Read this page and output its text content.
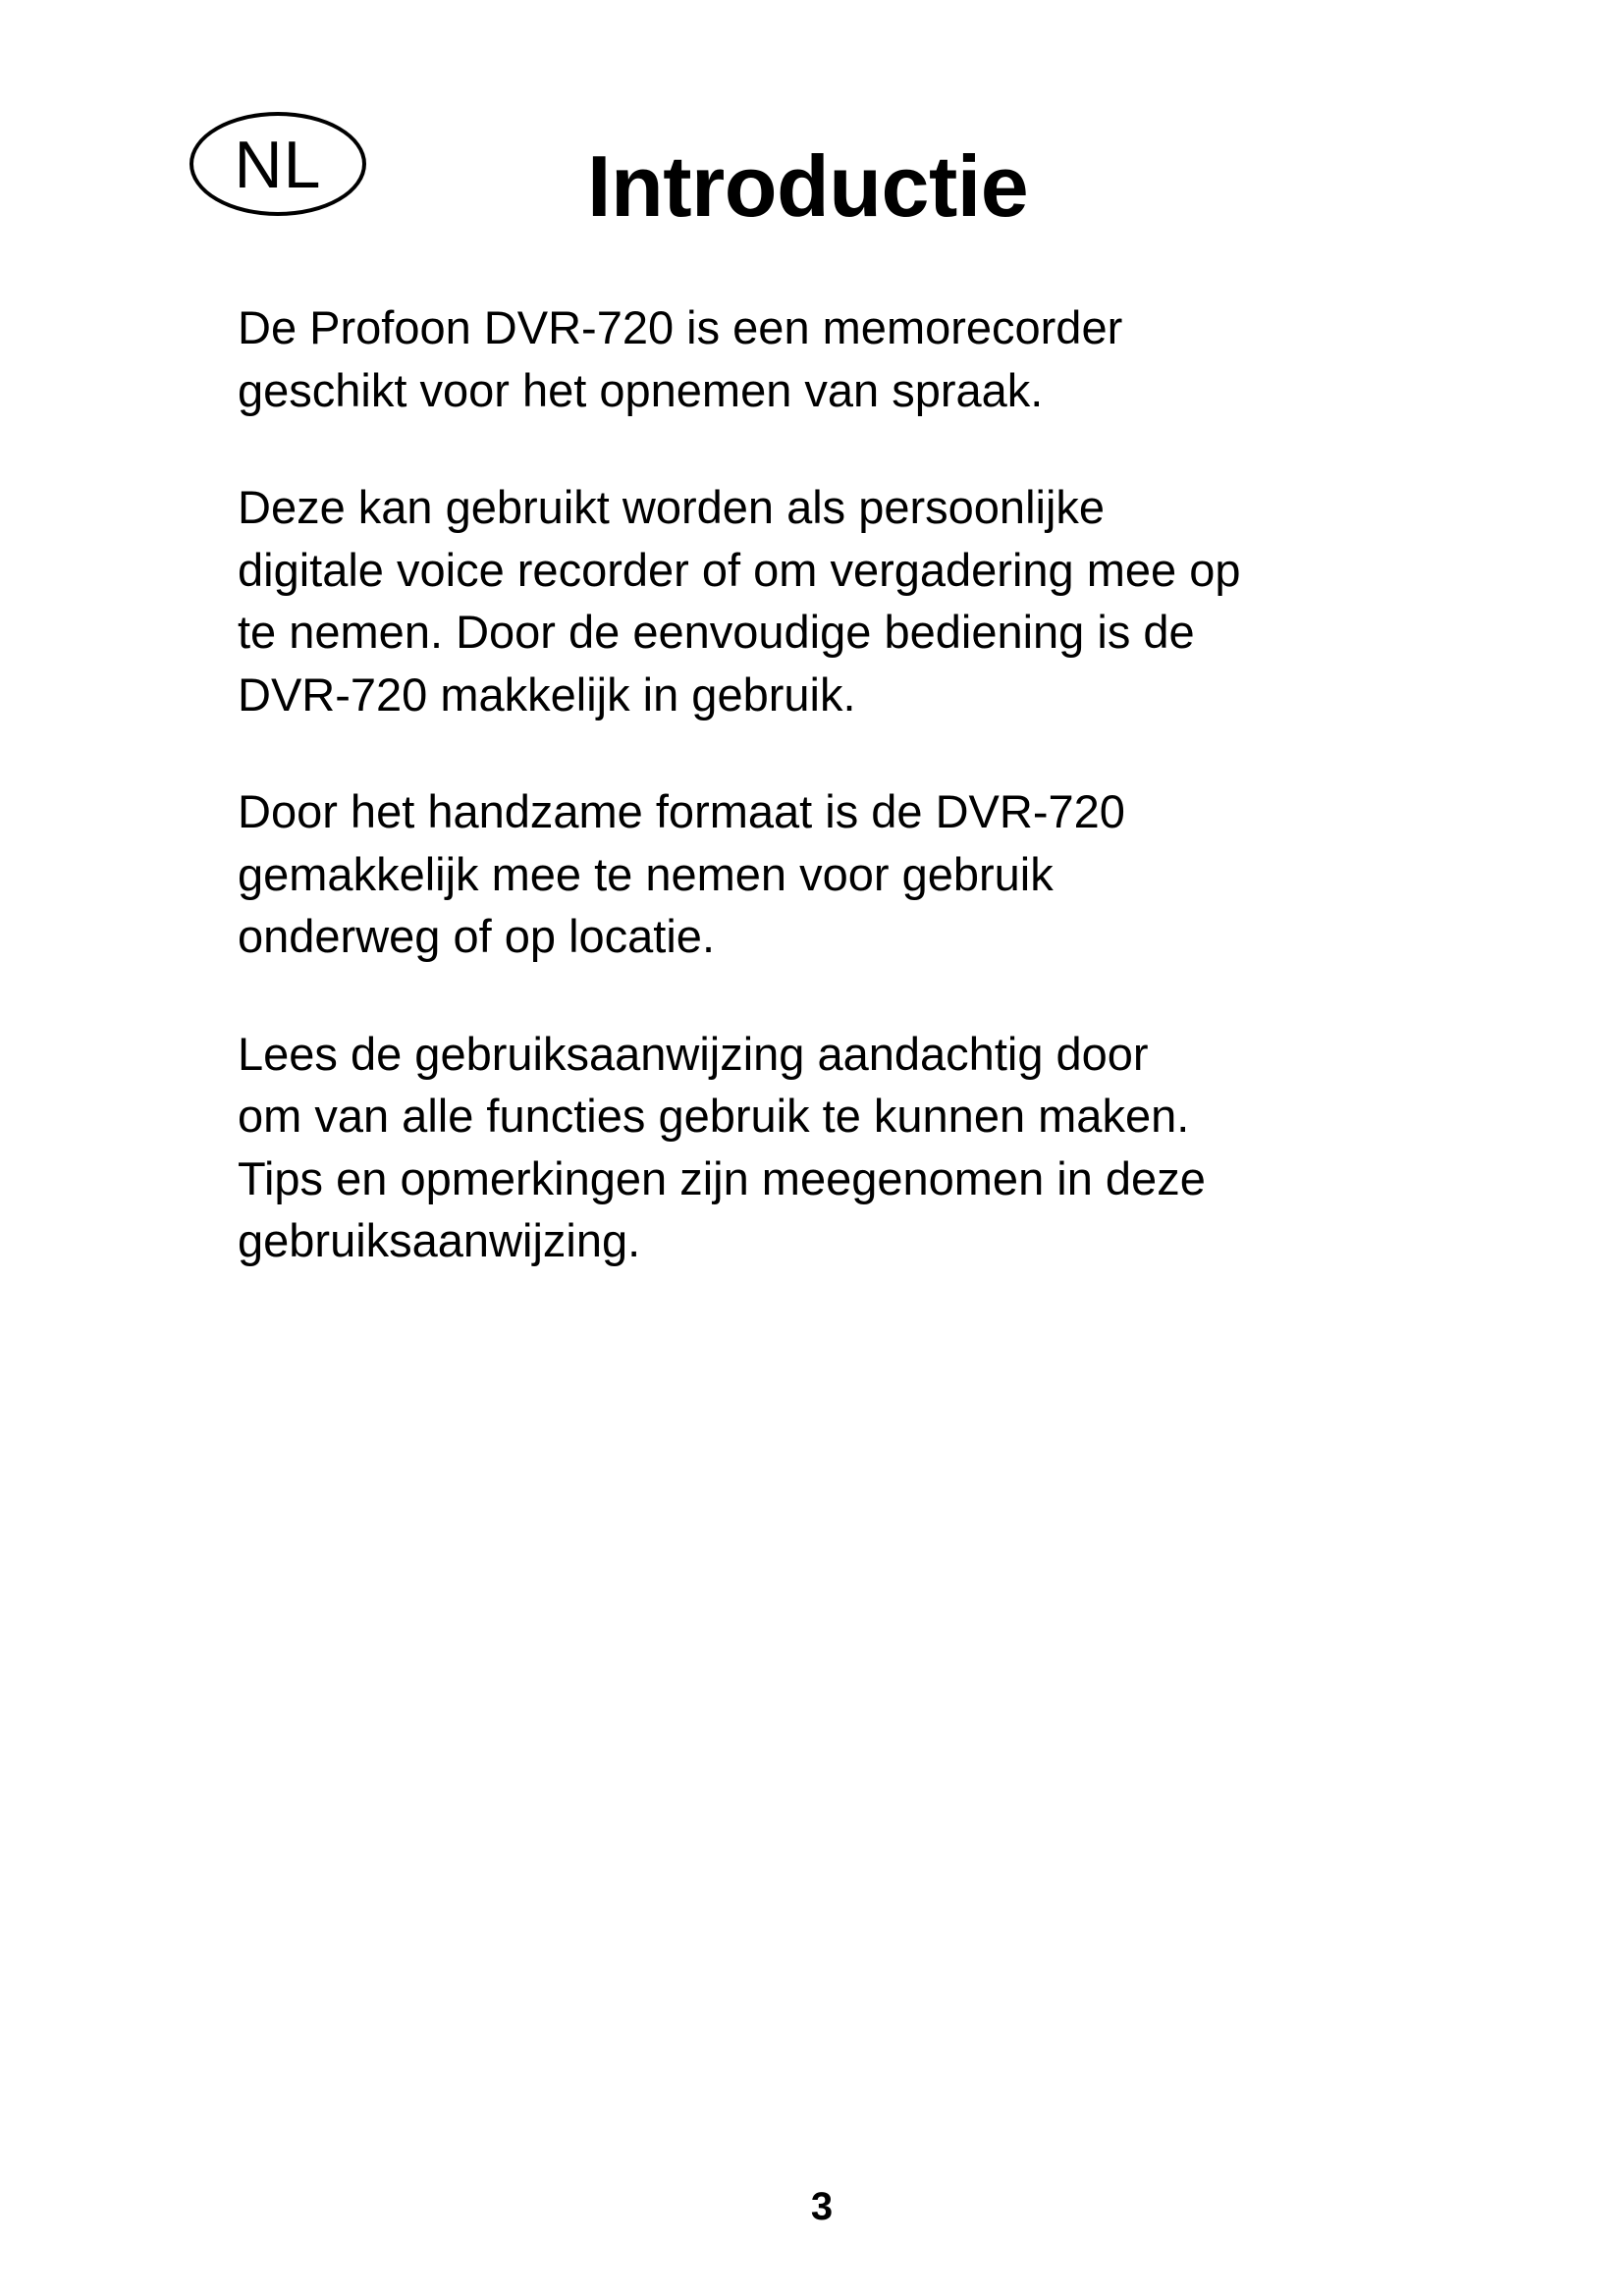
NL	Introductie

De Profoon DVR-720 is een memorecorder
geschikt voor het opnemen van spraak.

Deze kan gebruikt worden als persoonlijke
digitale voice recorder of om vergadering mee op
te nemen. Door de eenvoudige bediening is de
DVR-720 makkelijk in gebruik.

Door het handzame formaat is de DVR-720
gemakkelijk mee te nemen voor gebruik
onderweg of op locatie.

Lees de gebruiksaanwijzing aandachtig door
om van alle functies gebruik te kunnen maken.
Tips en opmerkingen zijn meegenomen in deze
gebruiksaanwijzing.

3
